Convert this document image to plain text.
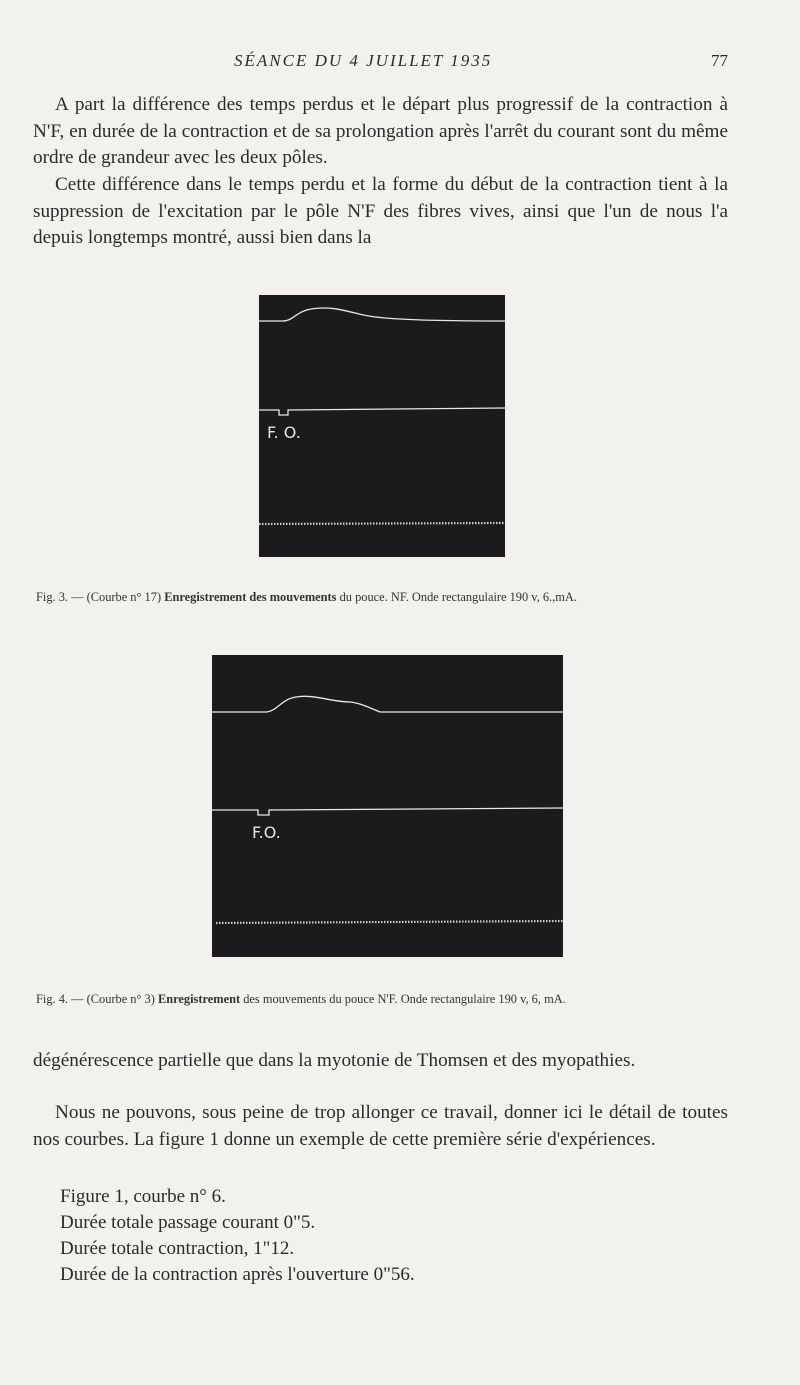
SÉANCE DU 4 JUILLET 1935	77

A part la différence des temps perdus et le départ plus progressif de la contraction à N'F, en durée de la contraction et de sa prolongation après l'arrêt du courant sont du même ordre de grandeur avec les deux pôles.

Cette différence dans le temps perdu et la forme du début de la contraction tient à la suppression de l'excitation par le pôle N'F des fibres vives, ainsi que l'un de nous l'a depuis longtemps montré, aussi bien dans la

F. O.
Fig. 3. — (Courbe n° 17) Enregistrement des mouvements du pouce. NF. Onde rectangulaire 190 v, 6.,mA.
F.O.
Fig. 4. — (Courbe n° 3) Enregistrement des mouvements du pouce N'F. Onde rectangulaire 190 v, 6, mA.

dégénérescence partielle que dans la myotonie de Thomsen et des myopathies.

Nous ne pouvons, sous peine de trop allonger ce travail, donner ici le détail de toutes nos courbes. La figure 1 donne un exemple de cette première série d'expériences.

Figure 1, courbe n° 6.
Durée totale passage courant 0"5.
Durée totale contraction, 1"12.
Durée de la contraction après l'ouverture 0"56.
